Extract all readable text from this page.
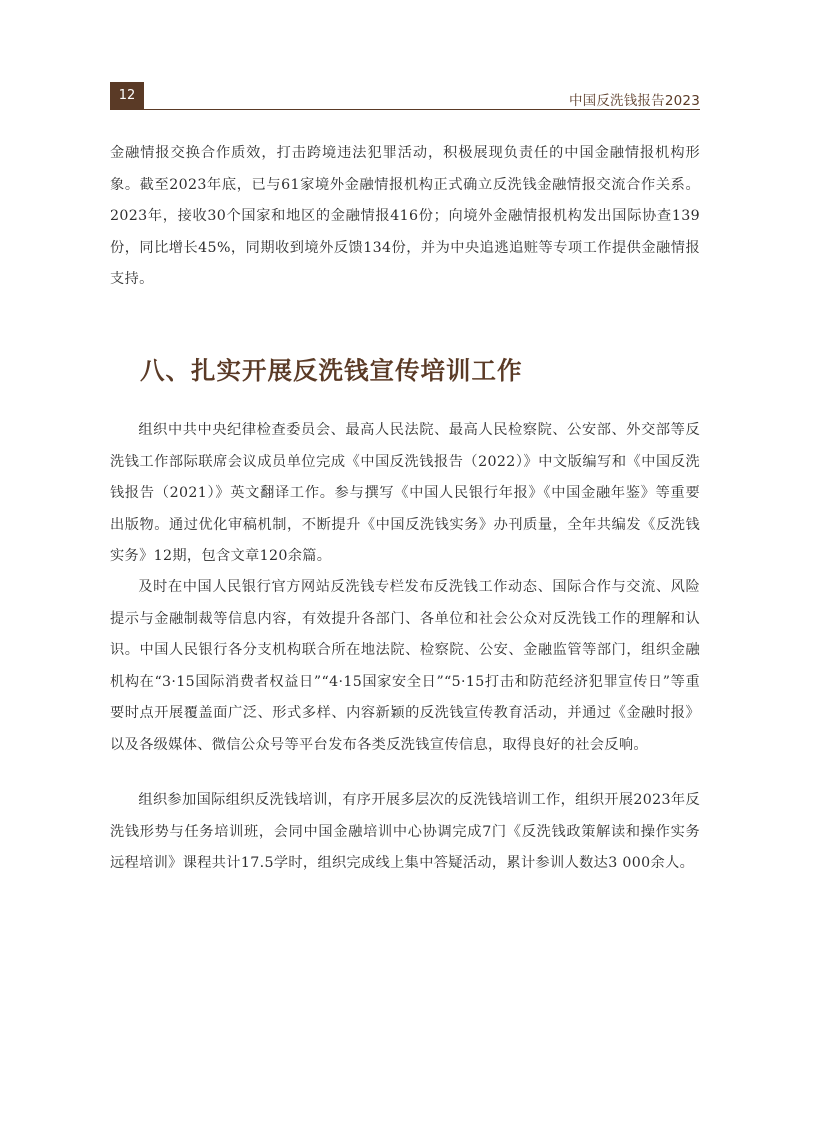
12	中国反洗钱报告2023

金融情报交换合作质效，打击跨境违法犯罪活动，积极展现负责任的中国金融情报机构形象。截至2023年底，已与61家境外金融情报机构正式确立反洗钱金融情报交流合作关系。2023年，接收30个国家和地区的金融情报416份；向境外金融情报机构发出国际协查139份，同比增长45%，同期收到境外反馈134份，并为中央追逃追赃等专项工作提供金融情报支持。

八、扎实开展反洗钱宣传培训工作

组织中共中央纪律检查委员会、最高人民法院、最高人民检察院、公安部、外交部等反洗钱工作部际联席会议成员单位完成《中国反洗钱报告（2022）》中文版编写和《中国反洗钱报告（2021）》英文翻译工作。参与撰写《中国人民银行年报》《中国金融年鉴》等重要出版物。通过优化审稿机制，不断提升《中国反洗钱实务》办刊质量，全年共编发《反洗钱实务》12期，包含文章120余篇。

及时在中国人民银行官方网站反洗钱专栏发布反洗钱工作动态、国际合作与交流、风险提示与金融制裁等信息内容，有效提升各部门、各单位和社会公众对反洗钱工作的理解和认识。中国人民银行各分支机构联合所在地法院、检察院、公安、金融监管等部门，组织金融机构在“3·15国际消费者权益日”“4·15国家安全日”“5·15打击和防范经济犯罪宣传日”等重要时点开展覆盖面广泛、形式多样、内容新颖的反洗钱宣传教育活动，并通过《金融时报》以及各级媒体、微信公众号等平台发布各类反洗钱宣传信息，取得良好的社会反响。

组织参加国际组织反洗钱培训，有序开展多层次的反洗钱培训工作，组织开展2023年反洗钱形势与任务培训班，会同中国金融培训中心协调完成7门《反洗钱政策解读和操作实务远程培训》课程共计17.5学时，组织完成线上集中答疑活动，累计参训人数达3 000余人。
